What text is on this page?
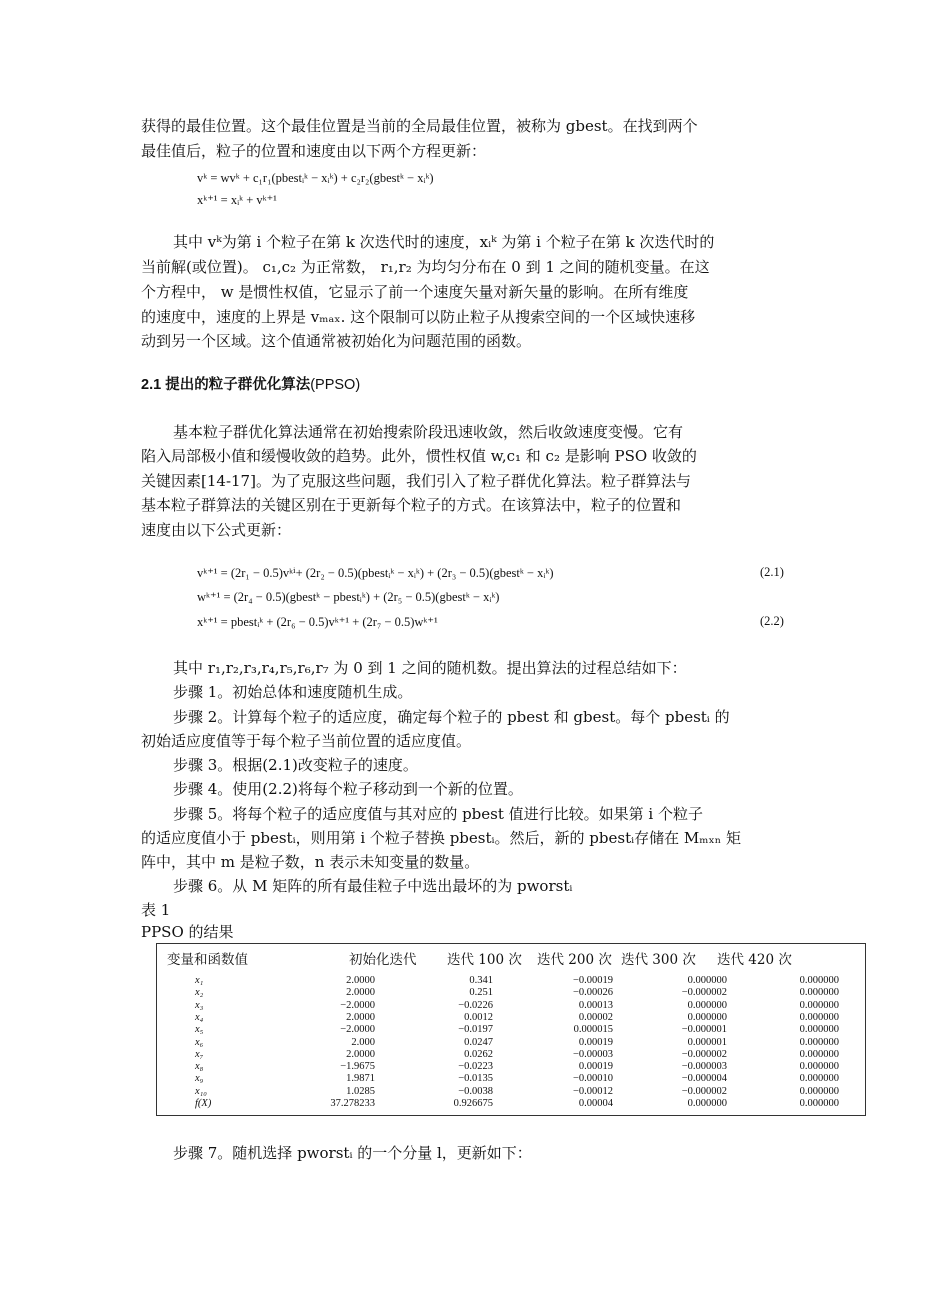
获得的最佳位置。这个最佳位置是当前的全局最佳位置，被称为 gbest。在找到两个
最佳值后，粒子的位置和速度由以下两个方程更新：
vᵏ = wvᵏ + c₁r₁(pbestᵢᵏ − xᵢᵏ) + c₂r₂(gbestᵏ − xᵢᵏ)
xᵏ⁺¹ = xᵢᵏ + vᵏ⁺¹
其中 vᵏ为第 i 个粒子在第 k 次迭代时的速度，xᵢᵏ 为第 i 个粒子在第 k 次迭代时的
当前解(或位置)。 c₁,c₂ 为正常数， r₁,r₂ 为均匀分布在 0 到 1 之间的随机变量。在这
个方程中， w 是惯性权值，它显示了前一个速度矢量对新矢量的影响。在所有维度
的速度中，速度的上界是 vₘₐₓ. 这个限制可以防止粒子从搜索空间的一个区域快速移
动到另一个区域。这个值通常被初始化为问题范围的函数。
2.1 提出的粒子群优化算法(PPSO)
基本粒子群优化算法通常在初始搜索阶段迅速收敛，然后收敛速度变慢。它有
陷入局部极小值和缓慢收敛的趋势。此外，惯性权值 w,c₁ 和 c₂ 是影响 PSO 收敛的
关键因素[14-17]。为了克服这些问题，我们引入了粒子群优化算法。粒子群算法与
基本粒子群算法的关键区别在于更新每个粒子的方式。在该算法中，粒子的位置和
速度由以下公式更新：
vᵏ⁺¹ = (2r₁ − 0.5)vᵏⁱ+ (2r₂ − 0.5)(pbestᵢᵏ − xᵢᵏ) + (2r₃ − 0.5)(gbestᵏ − xᵢᵏ)	(2.1)
wᵏ⁺¹ = (2r₄ − 0.5)(gbestᵏ − pbestᵢᵏ) + (2r₅ − 0.5)(gbestᵏ − xᵢᵏ)
xᵏ⁺¹ = pbestᵢᵏ + (2r₆ − 0.5)vᵏ⁺¹ + (2r₇ − 0.5)wᵏ⁺¹	(2.2)
其中 r₁,r₂,r₃,r₄,r₅,r₆,r₇ 为 0 到 1 之间的随机数。提出算法的过程总结如下：
步骤 1。初始总体和速度随机生成。
步骤 2。计算每个粒子的适应度，确定每个粒子的 pbest 和 gbest。每个 pbestᵢ 的
初始适应度值等于每个粒子当前位置的适应度值。
步骤 3。根据(2.1)改变粒子的速度。
步骤 4。使用(2.2)将每个粒子移动到一个新的位置。
步骤 5。将每个粒子的适应度值与其对应的 pbest 值进行比较。如果第 i 个粒子
的适应度值小于 pbestᵢ，则用第 i 个粒子替换 pbestᵢ。然后，新的 pbestᵢ存储在 Mₘₓₙ 矩
阵中，其中 m 是粒子数，n 表示未知变量的数量。
步骤 6。从 M 矩阵的所有最佳粒子中选出最坏的为 pworstᵢ
表 1
PPSO 的结果
变量和函数值	初始化迭代 迭代 100 次 迭代 200 次 迭代 300 次 迭代 420 次
x₁	2.0000	0.341	−0.00019	0.000000	0.000000
x₂	2.0000	0.251	−0.00026	−0.000002	0.000000
x₃	−2.0000	−0.0226	0.00013	0.000000	0.000000
x₄	2.0000	0.0012	0.00002	0.000000	0.000000
x₅	−2.0000	−0.0197	0.000015	−0.000001	0.000000
x₆	2.000	0.0247	0.00019	0.000001	0.000000
x₇	2.0000	0.0262	−0.00003	−0.000002	0.000000
x₈	−1.9675	−0.0223	0.00019	−0.000003	0.000000
x₉	1.9871	−0.0135	−0.00010	−0.000004	0.000000
x₁₀	1.0285	−0.0038	−0.00012	−0.000002	0.000000
f(X)	37.278233	0.926675	0.00004	0.000000	0.000000
步骤 7。随机选择 pworstᵢ 的一个分量 l，更新如下：
